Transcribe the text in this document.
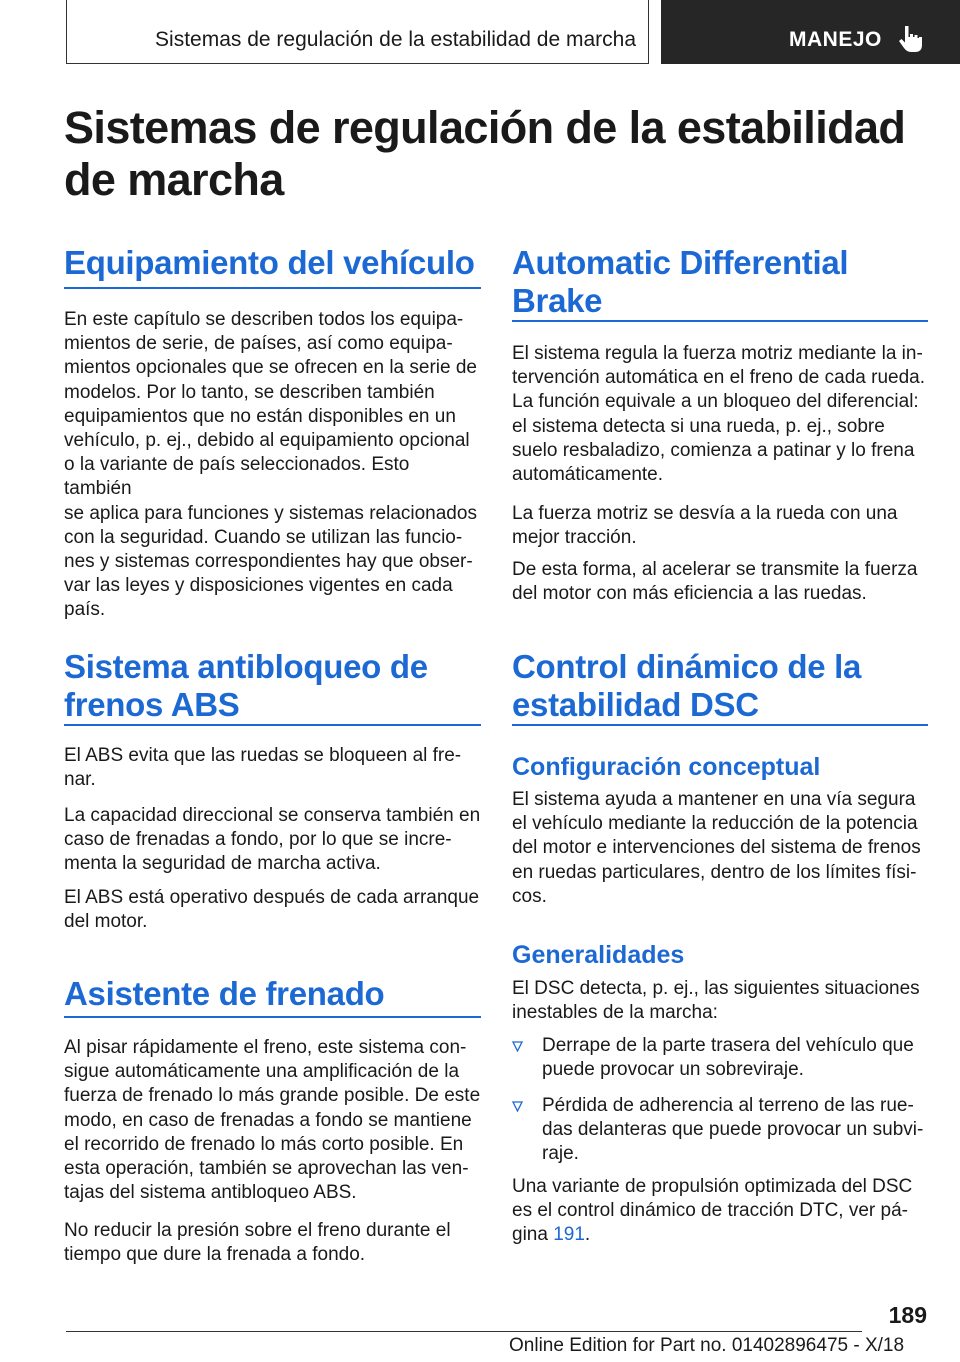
Sistemas de regulación de la estabilidad de marcha	MANEJO
Sistemas de regulación de la estabilidad de marcha
Equipamiento del vehículo
En este capítulo se describen todos los equipa-
mientos de serie, de países, así como equipa-
mientos opcionales que se ofrecen en la serie de
modelos. Por lo tanto, se describen también
equipamientos que no están disponibles en un
vehículo, p. ej., debido al equipamiento opcional
o la variante de país seleccionados. Esto también
se aplica para funciones y sistemas relacionados
con la seguridad. Cuando se utilizan las funcio-
nes y sistemas correspondientes hay que obser-
var las leyes y disposiciones vigentes en cada
país.
Sistema antibloqueo de
frenos ABS
El ABS evita que las ruedas se bloqueen al fre-
nar.
La capacidad direccional se conserva también en
caso de frenadas a fondo, por lo que se incre-
menta la seguridad de marcha activa.
El ABS está operativo después de cada arranque
del motor.
Asistente de frenado
Al pisar rápidamente el freno, este sistema con-
sigue automáticamente una amplificación de la
fuerza de frenado lo más grande posible. De este
modo, en caso de frenadas a fondo se mantiene
el recorrido de frenado lo más corto posible. En
esta operación, también se aprovechan las ven-
tajas del sistema antibloqueo ABS.
No reducir la presión sobre el freno durante el
tiempo que dure la frenada a fondo.
Automatic Differential
Brake
El sistema regula la fuerza motriz mediante la in-
tervención automática en el freno de cada rueda.
La función equivale a un bloqueo del diferencial:
el sistema detecta si una rueda, p. ej., sobre
suelo resbaladizo, comienza a patinar y lo frena
automáticamente.
La fuerza motriz se desvía a la rueda con una
mejor tracción.
De esta forma, al acelerar se transmite la fuerza
del motor con más eficiencia a las ruedas.
Control dinámico de la
estabilidad DSC
Configuración conceptual
El sistema ayuda a mantener en una vía segura
el vehículo mediante la reducción de la potencia
del motor e intervenciones del sistema de frenos
en ruedas particulares, dentro de los límites físi-
cos.
Generalidades
El DSC detecta, p. ej., las siguientes situaciones
inestables de la marcha:
Derrape de la parte trasera del vehículo que
puede provocar un sobreviraje.
Pérdida de adherencia al terreno de las rue-
das delanteras que puede provocar un subvi-
raje.
Una variante de propulsión optimizada del DSC
es el control dinámico de tracción DTC, ver pá-
gina 191.
189
Online Edition for Part no. 01402896475 - X/18
